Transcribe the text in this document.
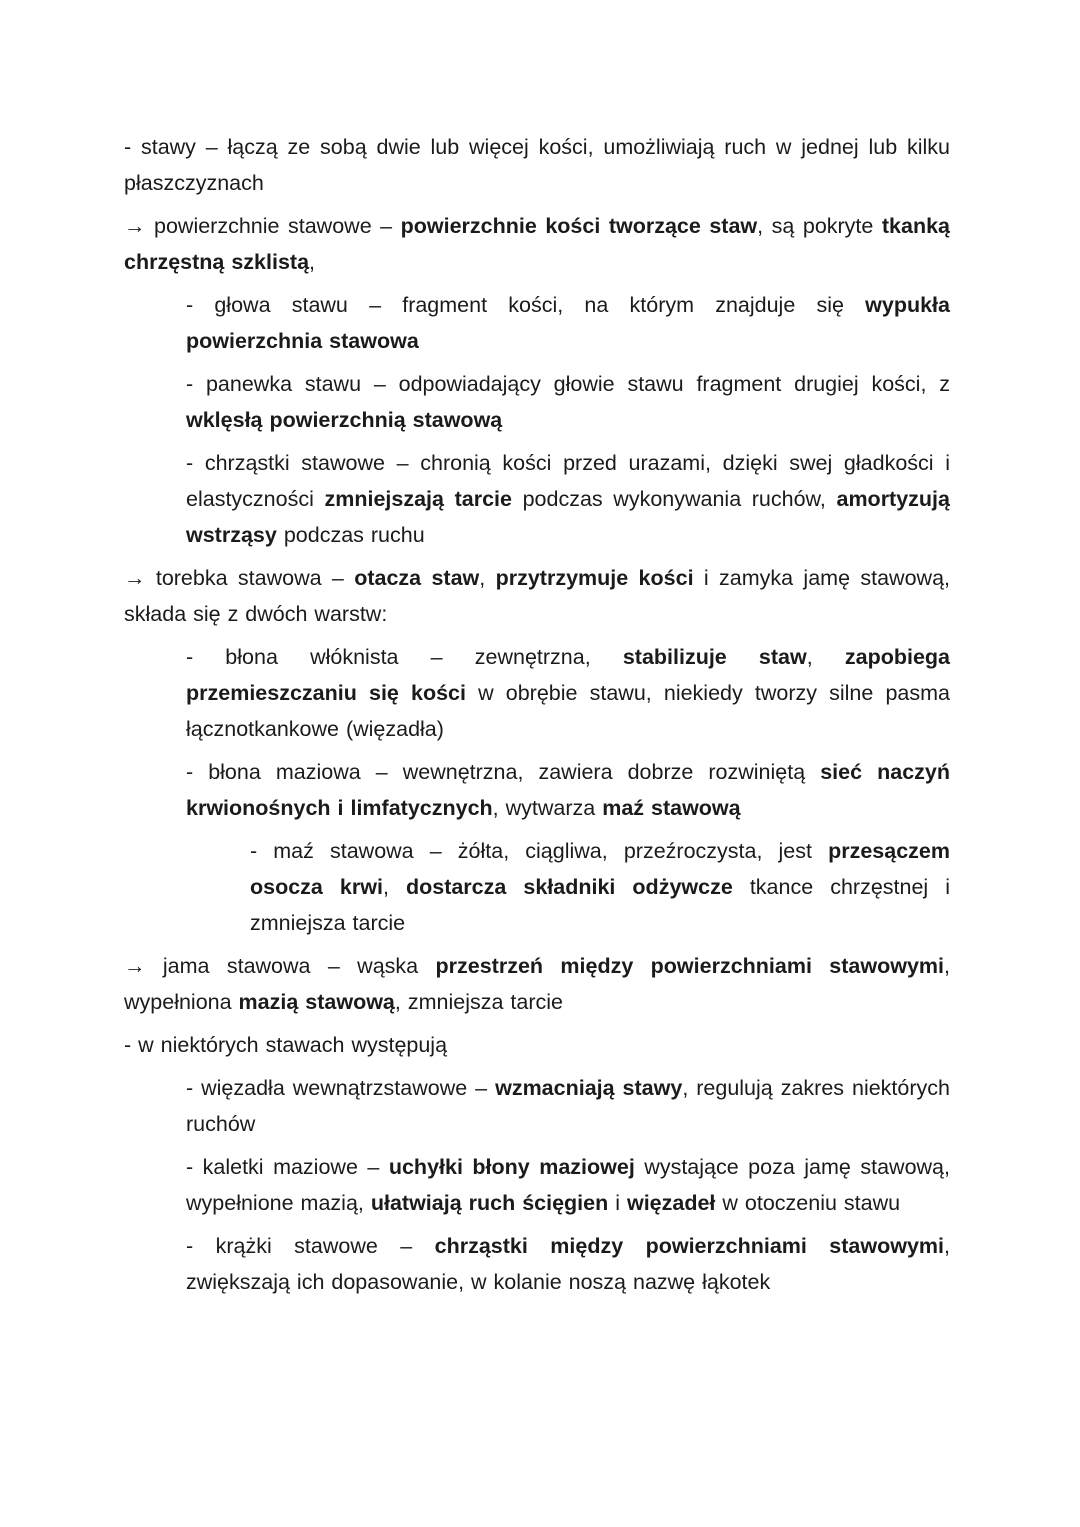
- stawy – łączą ze sobą dwie lub więcej kości, umożliwiają ruch w jednej lub kilku płaszczyznach

→ powierzchnie stawowe – powierzchnie kości tworzące staw, są pokryte tkanką chrzęstną szklistą,

- głowa stawu – fragment kości, na którym znajduje się wypukła powierzchnia stawowa

- panewka stawu – odpowiadający głowie stawu fragment drugiej kości, z wklęsłą powierzchnią stawową

- chrząstki stawowe – chronią kości przed urazami, dzięki swej gładkości i elastyczności zmniejszają tarcie podczas wykonywania ruchów, amortyzują wstrząsy podczas ruchu

→ torebka stawowa – otacza staw, przytrzymuje kości i zamyka jamę stawową, składa się z dwóch warstw:

- błona włóknista – zewnętrzna, stabilizuje staw, zapobiega przemieszczaniu się kości w obrębie stawu, niekiedy tworzy silne pasma łącznotkankowe (więzadła)

- błona maziowa – wewnętrzna, zawiera dobrze rozwiniętą sieć naczyń krwionośnych i limfatycznych, wytwarza maź stawową

- maź stawowa – żółta, ciągliwa, przeźroczysta, jest przesączem osocza krwi, dostarcza składniki odżywcze tkance chrzęstnej i zmniejsza tarcie

→ jama stawowa – wąska przestrzeń między powierzchniami stawowymi, wypełniona mazią stawową, zmniejsza tarcie

- w niektórych stawach występują

- więzadła wewnątrzstawowe – wzmacniają stawy, regulują zakres niektórych ruchów

- kaletki maziowe – uchyłki błony maziowej wystające poza jamę stawową, wypełnione mazią, ułatwiają ruch ścięgien i więzadeł w otoczeniu stawu

- krążki stawowe – chrząstki między powierzchniami stawowymi, zwiększają ich dopasowanie, w kolanie noszą nazwę łąkotek
